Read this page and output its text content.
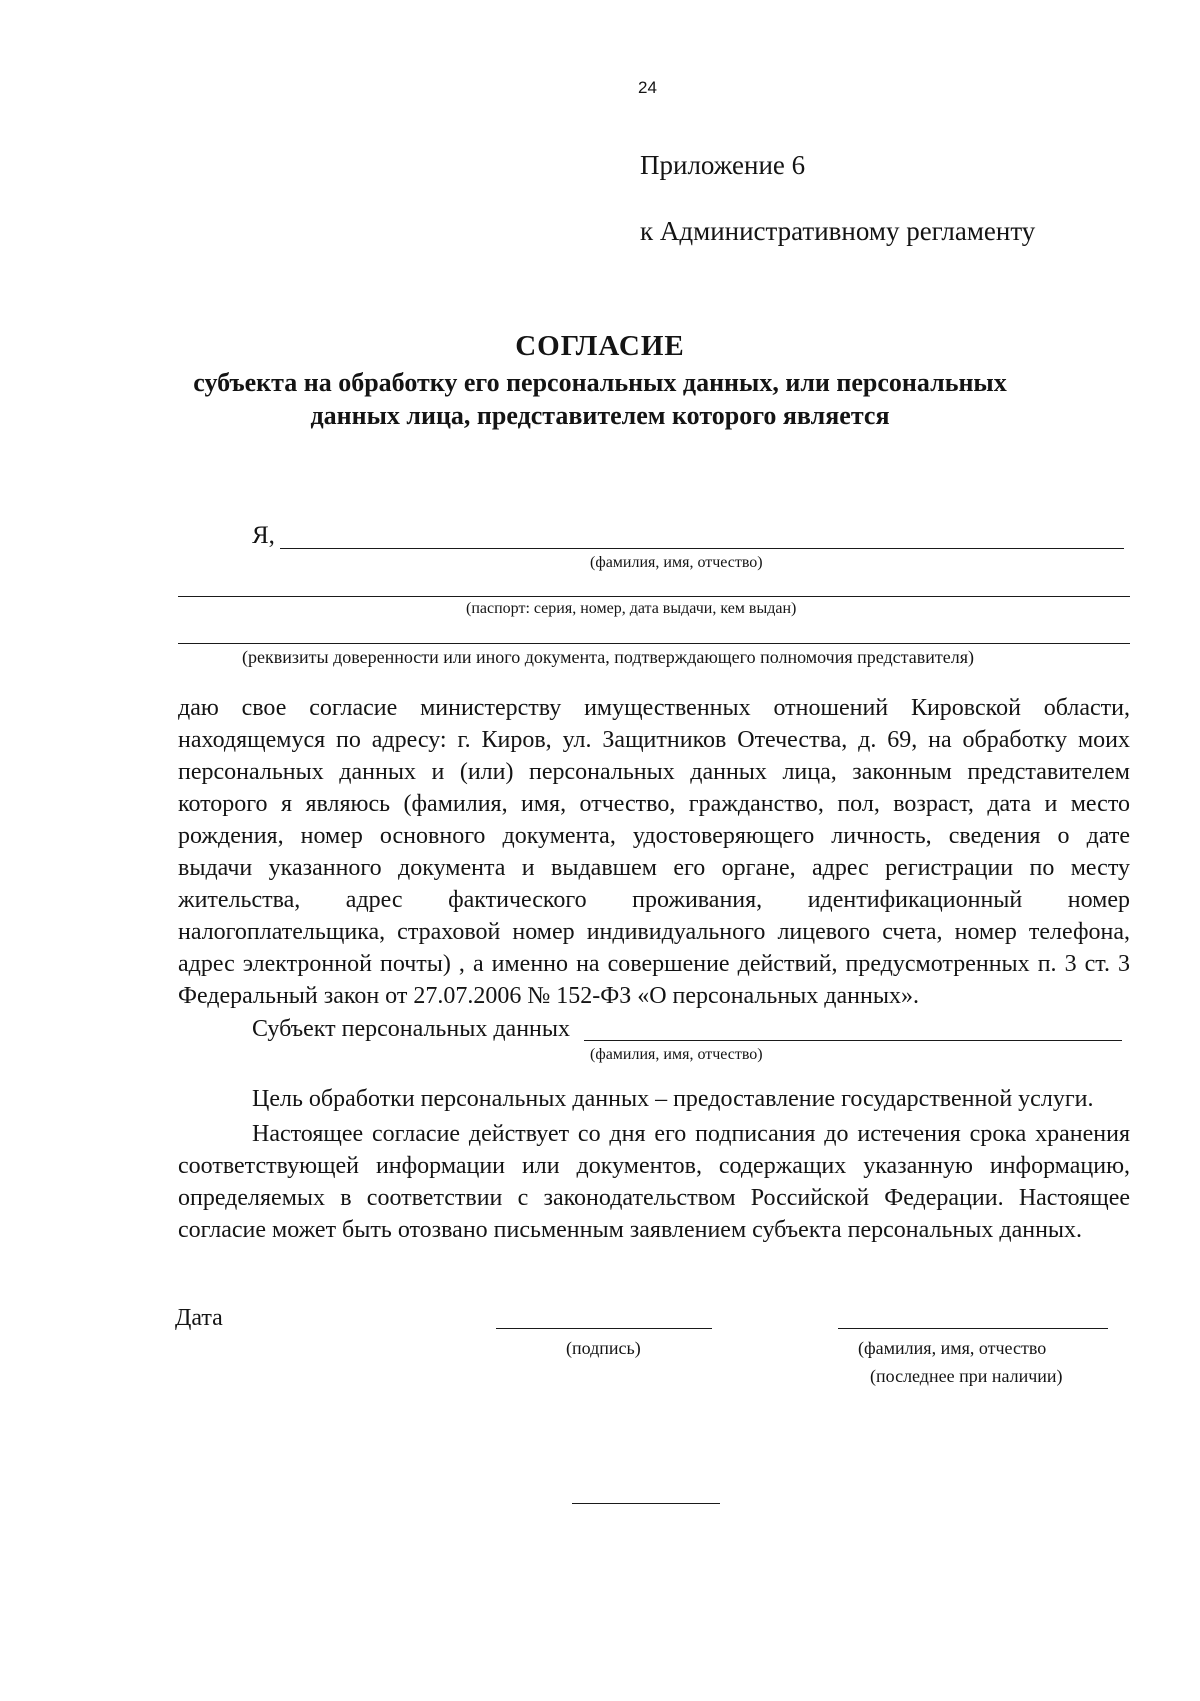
24
Приложение 6
к Административному регламенту
СОГЛАСИЕ
субъекта на обработку его персональных данных, или персональных
данных лица, представителем которого является
Я,
(фамилия, имя, отчество)
(паспорт: серия, номер, дата выдачи, кем выдан)
(реквизиты доверенности или иного документа, подтверждающего полномочия представителя)
даю свое согласие министерству имущественных отношений Кировской области,
находящемуся по адресу: г. Киров, ул. Защитников Отечества, д. 69, на обработку моих
персональных данных и (или) персональных данных лица, законным представителем
которого я являюсь (фамилия, имя, отчество, гражданство, пол, возраст, дата и место
рождения, номер основного документа, удостоверяющего личность, сведения о дате
выдачи указанного документа и выдавшем его органе, адрес регистрации по месту
жительства, адрес фактического проживания, идентификационный номер
налогоплательщика, страховой номер индивидуального лицевого счета, номер телефона,
адрес электронной почты) , а именно на совершение действий, предусмотренных п. 3 ст. 3
Федеральный закон от 27.07.2006 № 152-ФЗ «О персональных данных».
Субъект персональных данных
(фамилия, имя, отчество)
Цель обработки персональных данных – предоставление государственной услуги.
Настоящее согласие действует со дня его подписания до истечения срока хранения
соответствующей информации или документов, содержащих указанную информацию,
определяемых в соответствии с законодательством Российской Федерации. Настоящее
согласие может быть отозвано письменным заявлением субъекта персональных данных.
Дата
(подпись)	(фамилия, имя, отчество
(последнее при наличии)
